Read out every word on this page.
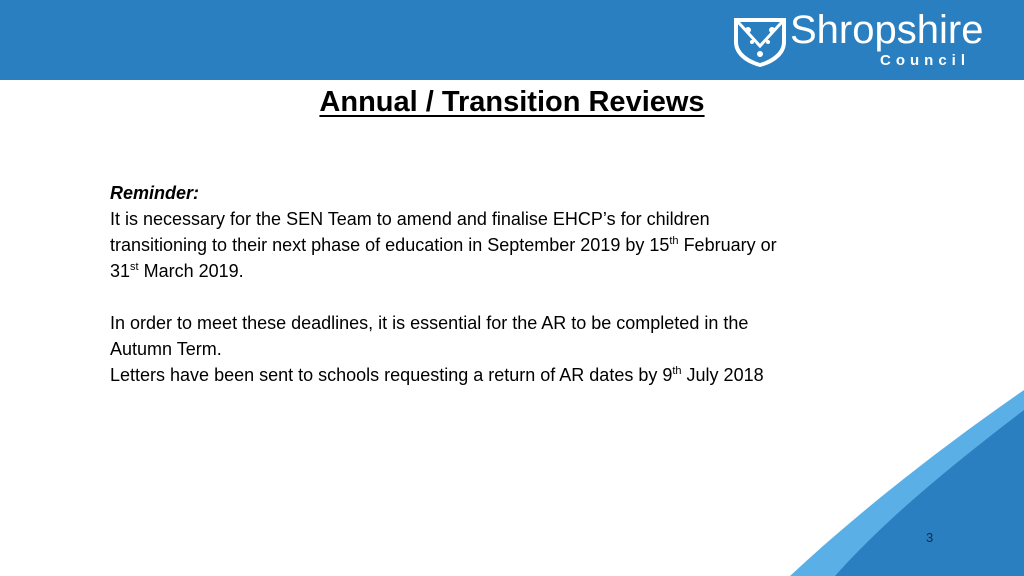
Shropshire
Council
Annual / Transition Reviews
Reminder:
It is necessary for the SEN Team to amend and finalise EHCP’s for children
transitioning to their next phase of education in September 2019 by 15th February or
31st March 2019.
In order to meet these deadlines, it is essential for the AR to be completed in the
Autumn Term.
Letters have been sent to schools requesting a return of AR dates by 9th July 2018
3
